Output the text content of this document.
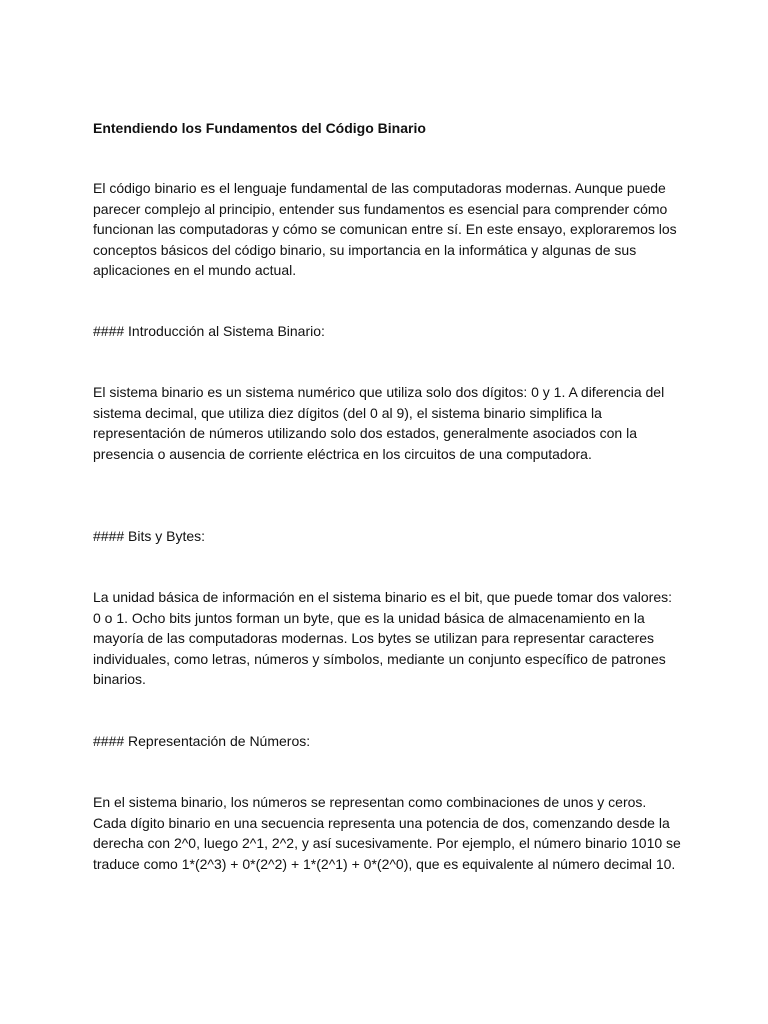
Entendiendo los Fundamentos del Código Binario

El código binario es el lenguaje fundamental de las computadoras modernas. Aunque puede parecer complejo al principio, entender sus fundamentos es esencial para comprender cómo funcionan las computadoras y cómo se comunican entre sí. En este ensayo, exploraremos los conceptos básicos del código binario, su importancia en la informática y algunas de sus aplicaciones en el mundo actual.

#### Introducción al Sistema Binario:

El sistema binario es un sistema numérico que utiliza solo dos dígitos: 0 y 1. A diferencia del sistema decimal, que utiliza diez dígitos (del 0 al 9), el sistema binario simplifica la representación de números utilizando solo dos estados, generalmente asociados con la presencia o ausencia de corriente eléctrica en los circuitos de una computadora.

#### Bits y Bytes:

La unidad básica de información en el sistema binario es el bit, que puede tomar dos valores: 0 o 1. Ocho bits juntos forman un byte, que es la unidad básica de almacenamiento en la mayoría de las computadoras modernas. Los bytes se utilizan para representar caracteres individuales, como letras, números y símbolos, mediante un conjunto específico de patrones binarios.

#### Representación de Números:

En el sistema binario, los números se representan como combinaciones de unos y ceros. Cada dígito binario en una secuencia representa una potencia de dos, comenzando desde la derecha con 2^0, luego 2^1, 2^2, y así sucesivamente. Por ejemplo, el número binario 1010 se traduce como 1*(2^3) + 0*(2^2) + 1*(2^1) + 0*(2^0), que es equivalente al número decimal 10.
